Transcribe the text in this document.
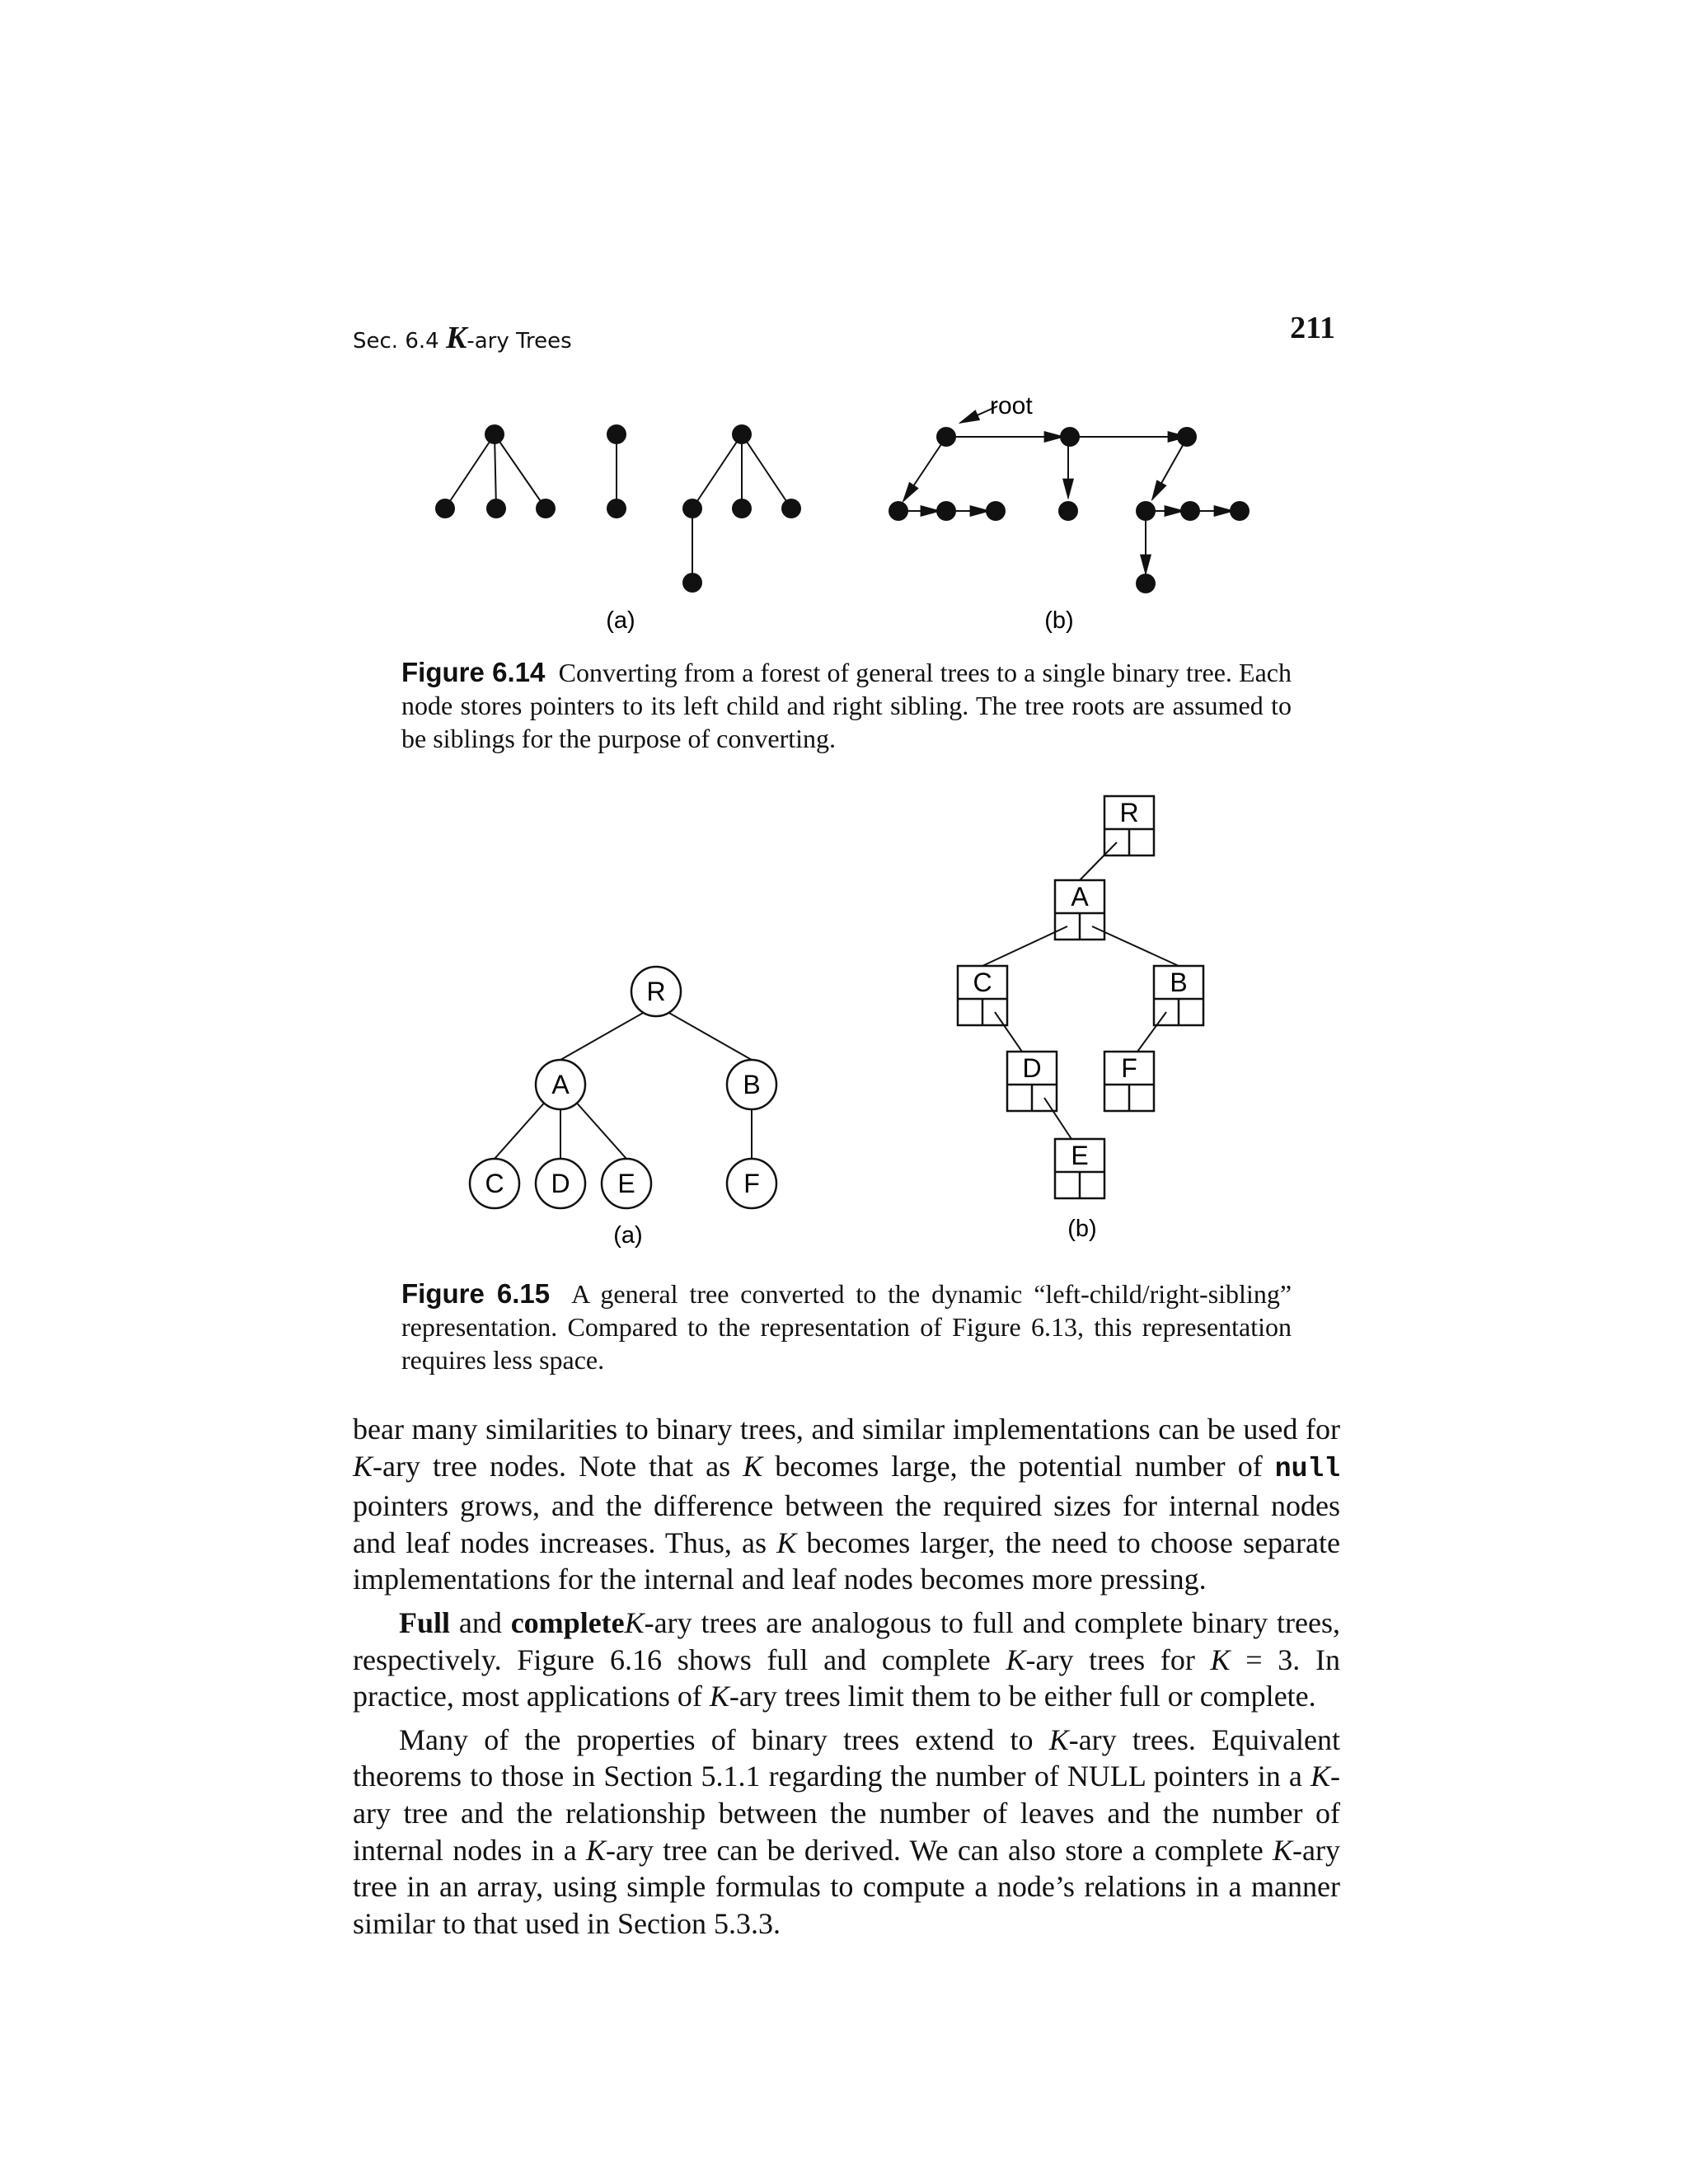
Sec. 6.4 K-ary Trees	211
root
(a)	(b)
Figure 6.14 Converting from a forest of general trees to a single binary tree. Each node stores pointers to its left child and right sibling. The tree roots are assumed to be siblings for the purpose of converting.
R
A	B
C D E	F
(a)
R
A
C	B
D	F
E
(b)
Figure 6.15 A general tree converted to the dynamic “left-child/right-sibling” representation. Compared to the representation of Figure 6.13, this representation requires less space.

bear many similarities to binary trees, and similar implementations can be used for K-ary tree nodes. Note that as K becomes large, the potential number of null pointers grows, and the difference between the required sizes for internal nodes and leaf nodes increases. Thus, as K becomes larger, the need to choose separate implementations for the internal and leaf nodes becomes more pressing.

Full and completeK-ary trees are analogous to full and complete binary trees, respectively. Figure 6.16 shows full and complete K-ary trees for K = 3. In practice, most applications of K-ary trees limit them to be either full or complete.

Many of the properties of binary trees extend to K-ary trees. Equivalent theorems to those in Section 5.1.1 regarding the number of NULL pointers in a K-ary tree and the relationship between the number of leaves and the number of internal nodes in a K-ary tree can be derived. We can also store a complete K-ary tree in an array, using simple formulas to compute a node’s relations in a manner similar to that used in Section 5.3.3.
